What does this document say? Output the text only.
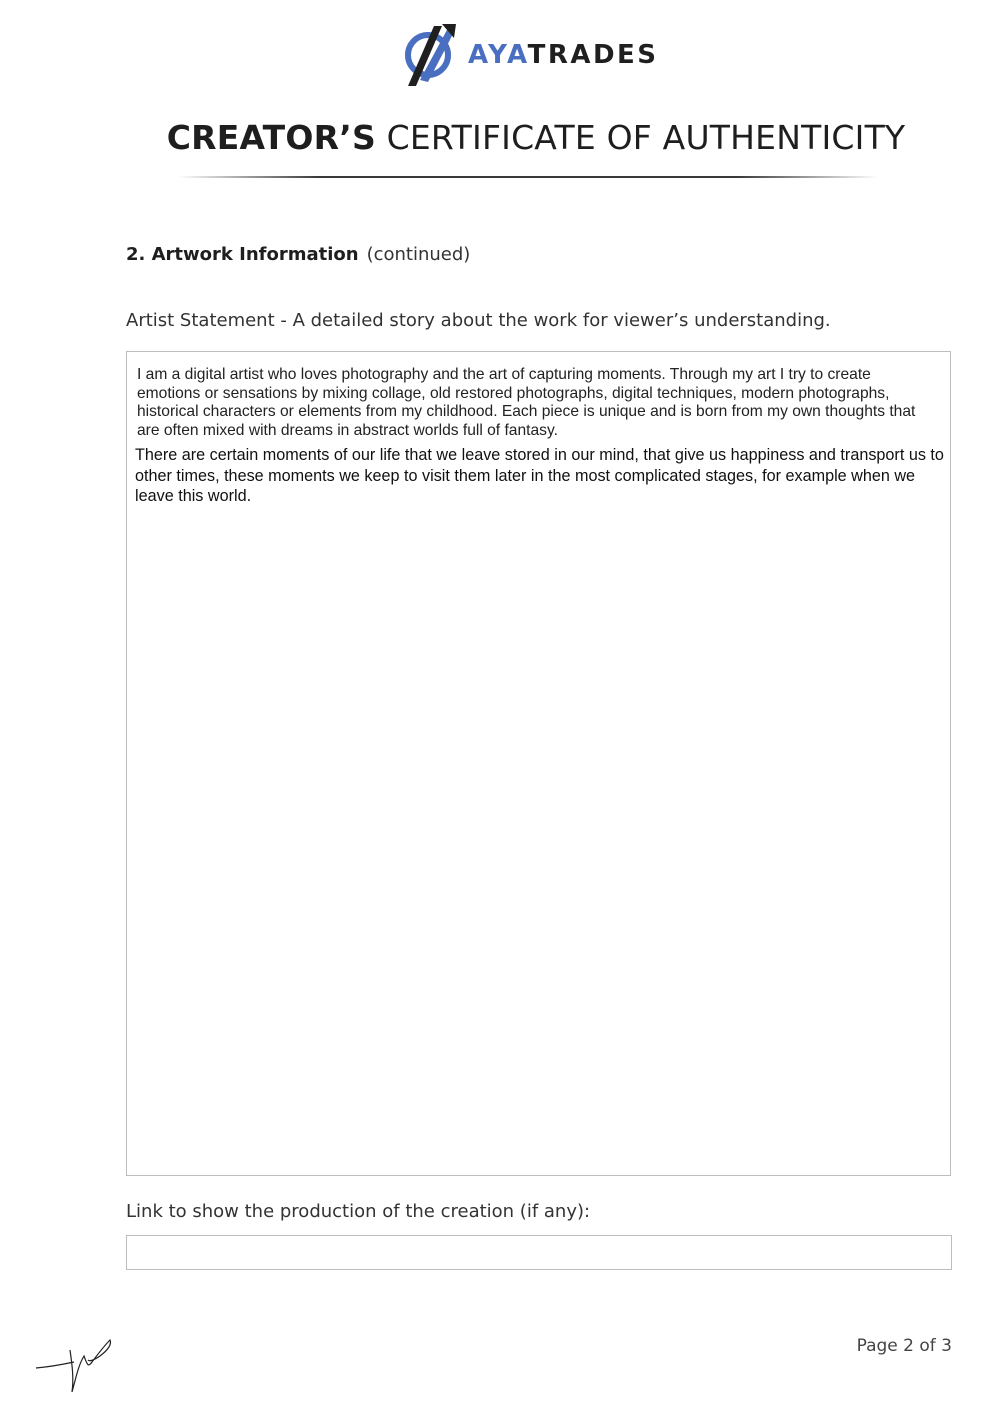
AYATRADES
CREATOR’S CERTIFICATE OF AUTHENTICITY
2. Artwork Information (continued)
Artist Statement - A detailed story about the work for viewer’s understanding.
I am a digital artist who loves photography and the art of capturing moments. Through my art I try to create emotions or sensations by mixing collage, old restored photographs, digital techniques, modern photographs, historical characters or elements from my childhood. Each piece is unique and is born from my own thoughts that are often mixed with dreams in abstract worlds full of fantasy.
There are certain moments of our life that we leave stored in our mind, that give us happiness and transport us to other times, these moments we keep to visit them later in the most complicated stages, for example when we leave this world.
Link to show the production of the creation (if any):
Page 2 of 3
